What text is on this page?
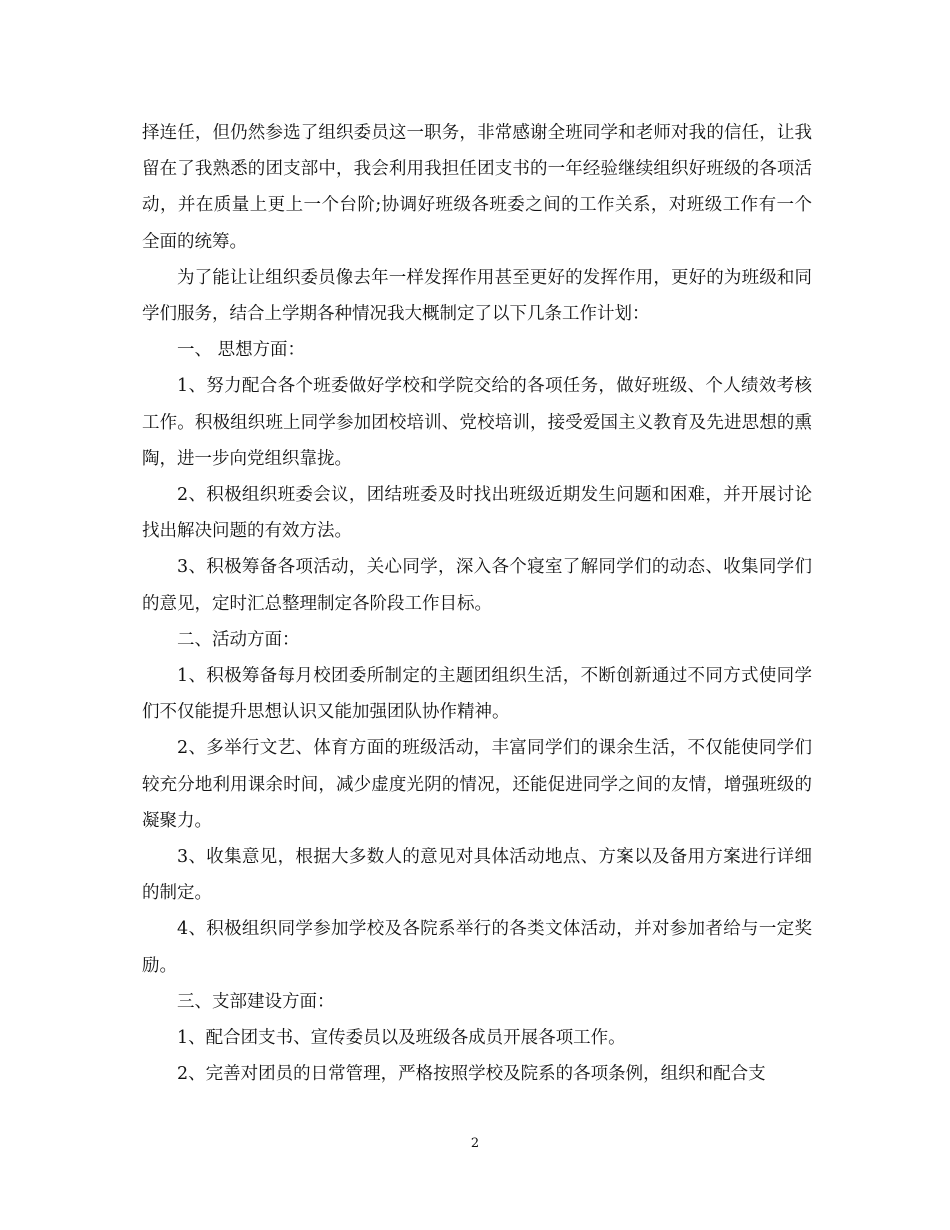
择连任，但仍然参选了组织委员这一职务，非常感谢全班同学和老师对我的信任，让我留在了我熟悉的团支部中，我会利用我担任团支书的一年经验继续组织好班级的各项活动，并在质量上更上一个台阶;协调好班级各班委之间的工作关系，对班级工作有一个全面的统筹。

为了能让让组织委员像去年一样发挥作用甚至更好的发挥作用，更好的为班级和同学们服务，结合上学期各种情况我大概制定了以下几条工作计划：

一、 思想方面：

1、努力配合各个班委做好学校和学院交给的各项任务，做好班级、个人绩效考核工作。积极组织班上同学参加团校培训、党校培训，接受爱国主义教育及先进思想的熏陶，进一步向党组织靠拢。

2、积极组织班委会议，团结班委及时找出班级近期发生问题和困难，并开展讨论找出解决问题的有效方法。

3、积极筹备各项活动，关心同学，深入各个寝室了解同学们的动态、收集同学们的意见，定时汇总整理制定各阶段工作目标。

二、活动方面：

1、积极筹备每月校团委所制定的主题团组织生活，不断创新通过不同方式使同学们不仅能提升思想认识又能加强团队协作精神。

2、多举行文艺、体育方面的班级活动，丰富同学们的课余生活，不仅能使同学们较充分地利用课余时间，减少虚度光阴的情况，还能促进同学之间的友情，增强班级的凝聚力。

3、收集意见，根据大多数人的意见对具体活动地点、方案以及备用方案进行详细的制定。

4、积极组织同学参加学校及各院系举行的各类文体活动，并对参加者给与一定奖励。

三、支部建设方面：

1、配合团支书、宣传委员以及班级各成员开展各项工作。

2、完善对团员的日常管理，严格按照学校及院系的各项条例，组织和配合支

2
